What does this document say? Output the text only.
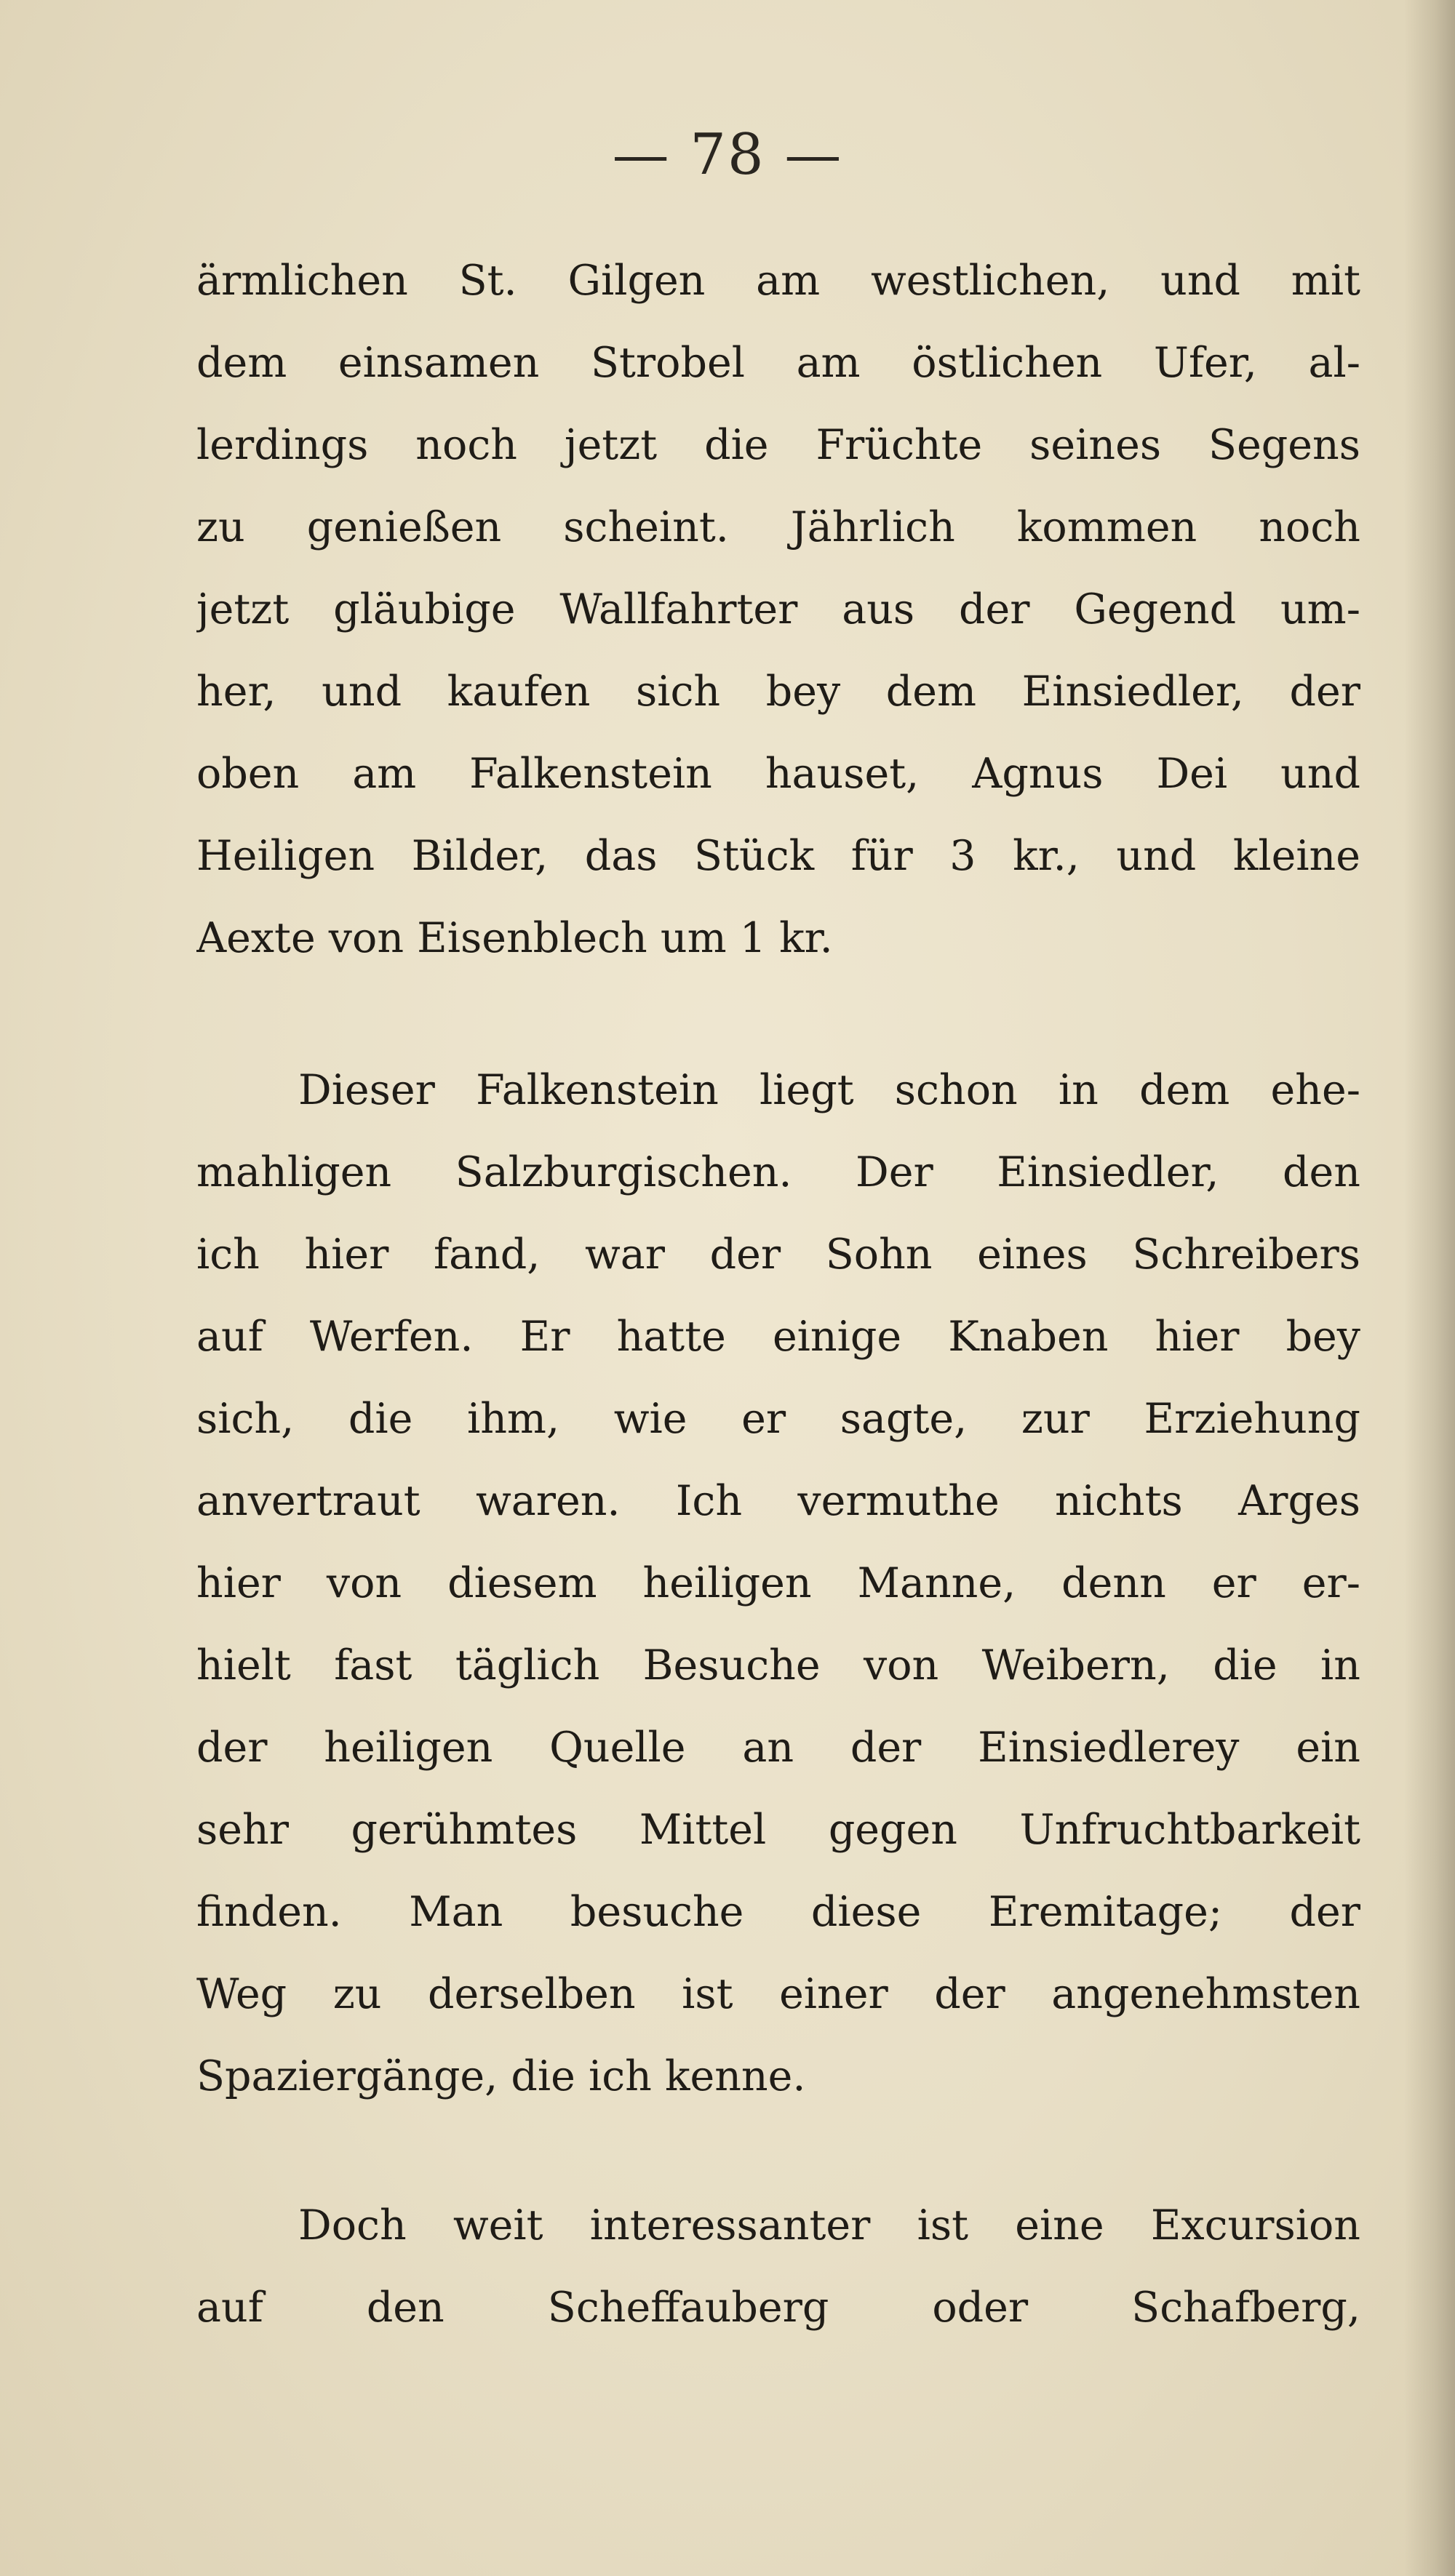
— 78 —
ärmlichen St. Gilgen am westlichen, und mit
dem einsamen Strobel am östlichen Ufer, al-
lerdings noch jetzt die Früchte seines Segens
zu genießen scheint. Jährlich kommen noch
jetzt gläubige Wallfahrter aus der Gegend um-
her, und kaufen sich bey dem Einsiedler, der
oben am Falkenstein hauset, Agnus Dei und
Heiligen Bilder, das Stück für 3 kr., und kleine
Aexte von Eisenblech um 1 kr.
Dieser Falkenstein liegt schon in dem ehe-
mahligen Salzburgischen. Der Einsiedler, den
ich hier fand, war der Sohn eines Schreibers
auf Werfen. Er hatte einige Knaben hier bey
sich, die ihm, wie er sagte, zur Erziehung
anvertraut waren. Ich vermuthe nichts Arges
hier von diesem heiligen Manne, denn er er-
hielt fast täglich Besuche von Weibern, die in
der heiligen Quelle an der Einsiedlerey ein
sehr gerühmtes Mittel gegen Unfruchtbarkeit
finden. Man besuche diese Eremitage; der
Weg zu derselben ist einer der angenehmsten
Spaziergänge, die ich kenne.
Doch weit interessanter ist eine Excursion
auf den Scheffauberg oder Schafberg,
